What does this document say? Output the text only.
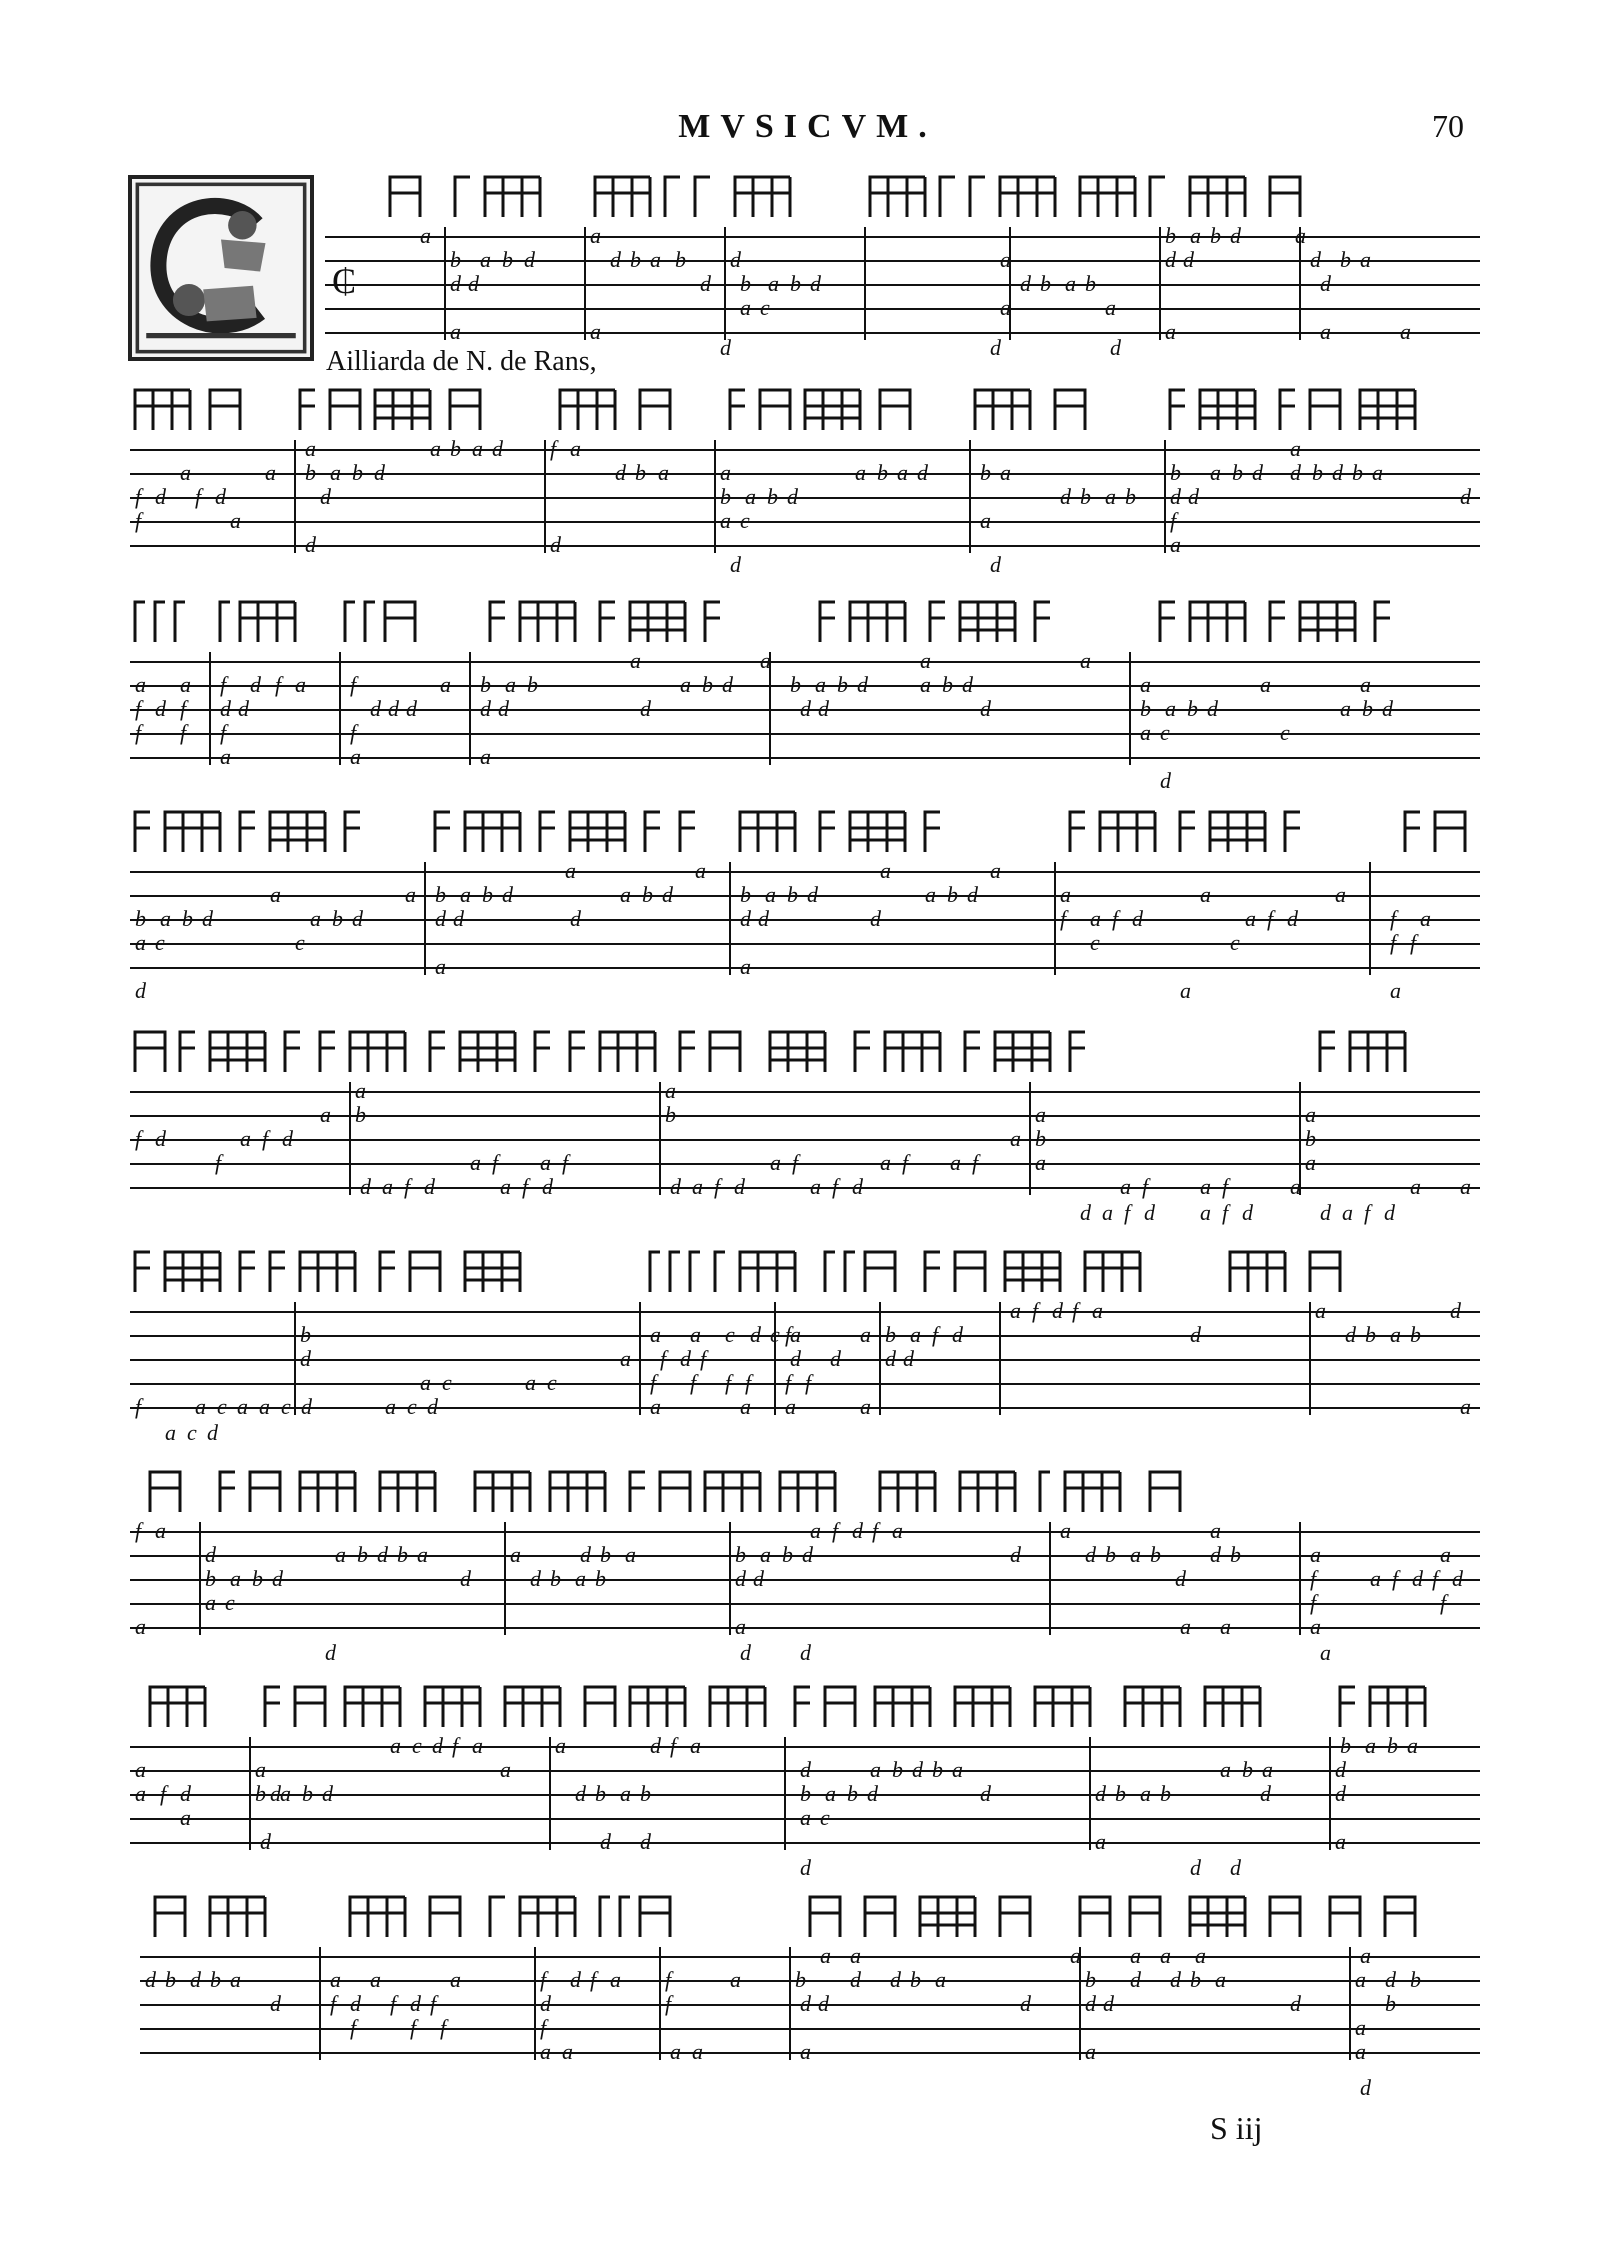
MVSICVM.	70
Ailliarda de N. de Rans,
₵
a
b a b d
d d
a
a
d b a b
d
a
d
b a b d
a c
a
d b a b
a	a
b a b d
d d
a
a
d b a
d
a	a
d	d	d
a	a
f d f d
f	a
a
b a b d
d
d
a b a d f a
d b a
d
a	a b a d
b a b d
a c
b a
d b a b
a
a
b a b d d b d b a
d d	d
f
a
d	d
a a f d f a f	a
f d f d d	d d d
f f f	f
a	a	a
b a b
d d	d
a	a
a b d	b a b d a b d
d d	d
a	a
a	a	a
b a b d	a b d
a c	c
d
a	a
b a b d	a b d
a c	c
d
a	a
b a b d	a b d
d d	d
a
a	a
b a b d	a b d
d d	d
a
a	a	a
f a f d	a f d
c	c
f a
f f
a	a
a
a b
f d	a f d
f	a f a f
d a f d	a f d
a
b
d a f d	a f d
a f	a f a f
a
a
b
a
a f a f	a
d a f d a f d
a
b
a
a a
d a f d
b
d	a
a c	a c
f a c a a c d	a c d
a c d
a a c d c a
f d f
f f f f
a	a
f	a
d d
f f
a	a
a f d f a
b a f d	d
d d
a	d
d b a b
a
f a
d	a b d b a
b a b d	d
a c
a
a	d b a
d b a b
a f d f a
b a b d	d
d d
a
a	a
d b a b d b
d
a a
a	a
f a f d f d
f	f
a
d	d d	a
a	a	a
a c d f a	a	d f a
a f d	b a b d	d b a b
a
d
d	d d
d	a b d b a
b a b d	d
a c
d
d b a b	d
a b a
a
d d
b a b a
d
d
a
d b d b a
d
a a	a
f d f d f
f f f
f d f a
d
f
a a
f	a
a a
f
b d d b a
d d	d
a
a a	a a a a
b d d b a
d d	d
a
a
a d b
b
a
a
d
S iij
